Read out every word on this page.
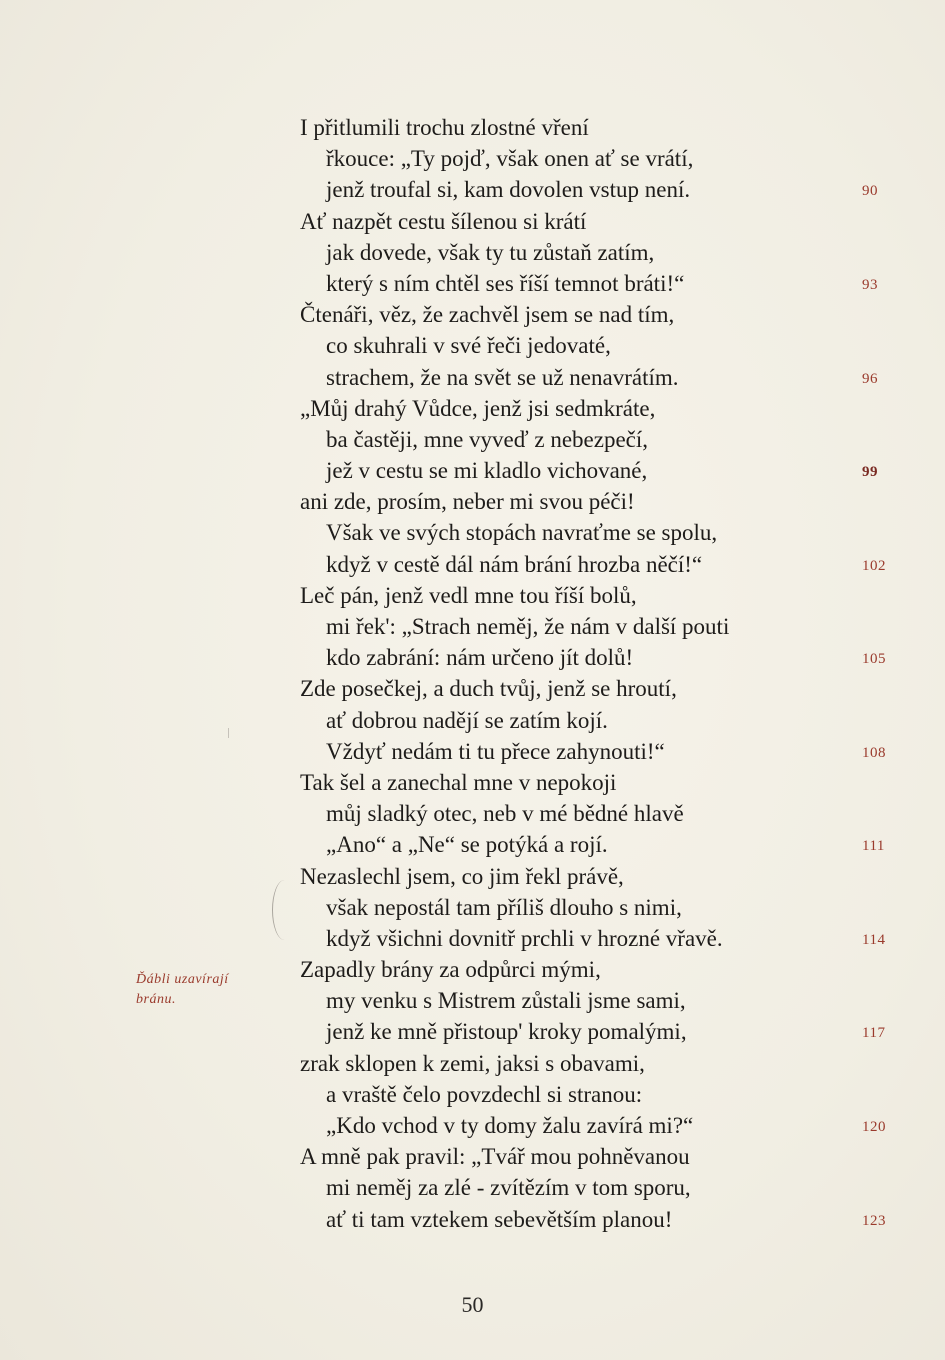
I přitlumili trochu zlostné vření
řkouce: „Ty pojď, však onen ať se vrátí,
jenž troufal si, kam dovolen vstup není.	90
Ať nazpět cestu šílenou si krátí
jak dovede, však ty tu zůstaň zatím,
který s ním chtěl ses říší temnot bráti!“	93
Čtenáři, věz, že zachvěl jsem se nad tím,
co skuhrali v své řeči jedovaté,
strachem, že na svět se už nenavrátím.	96
„Můj drahý Vůdce, jenž jsi sedmkráte,
ba častěji, mne vyveď z nebezpečí,
jež v cestu se mi kladlo vichované,	99
ani zde, prosím, neber mi svou péči!
Však ve svých stopách navraťme se spolu,
když v cestě dál nám brání hrozba něčí!“	102
Leč pán, jenž vedl mne tou říší bolů,
mi řek': „Strach neměj, že nám v další pouti
kdo zabrání: nám určeno jít dolů!	105
Zde posečkej, a duch tvůj, jenž se hroutí,
ať dobrou nadějí se zatím kojí.
Vždyť nedám ti tu přece zahynouti!“	108
Tak šel a zanechal mne v nepokoji
můj sladký otec, neb v mé bědné hlavě
„Ano“ a „Ne“ se potýká a rojí.	111
Nezaslechl jsem, co jim řekl právě,
však nepostál tam příliš dlouho s nimi,
když všichni dovnitř prchli v hrozné vřavě.	114
Zapadly brány za odpůrci mými,
my venku s Mistrem zůstali jsme sami,
jenž ke mně přistoup' kroky pomalými,	117
zrak sklopen k zemi, jaksi s obavami,
a vraště čelo povzdechl si stranou:
„Kdo vchod v ty domy žalu zavírá mi?“	120
A mně pak pravil: „Tvář mou pohněvanou
mi neměj za zlé - zvítězím v tom sporu,
ať ti tam vztekem sebevětším planou!	123
Ďábli uzavírají
bránu.
50
